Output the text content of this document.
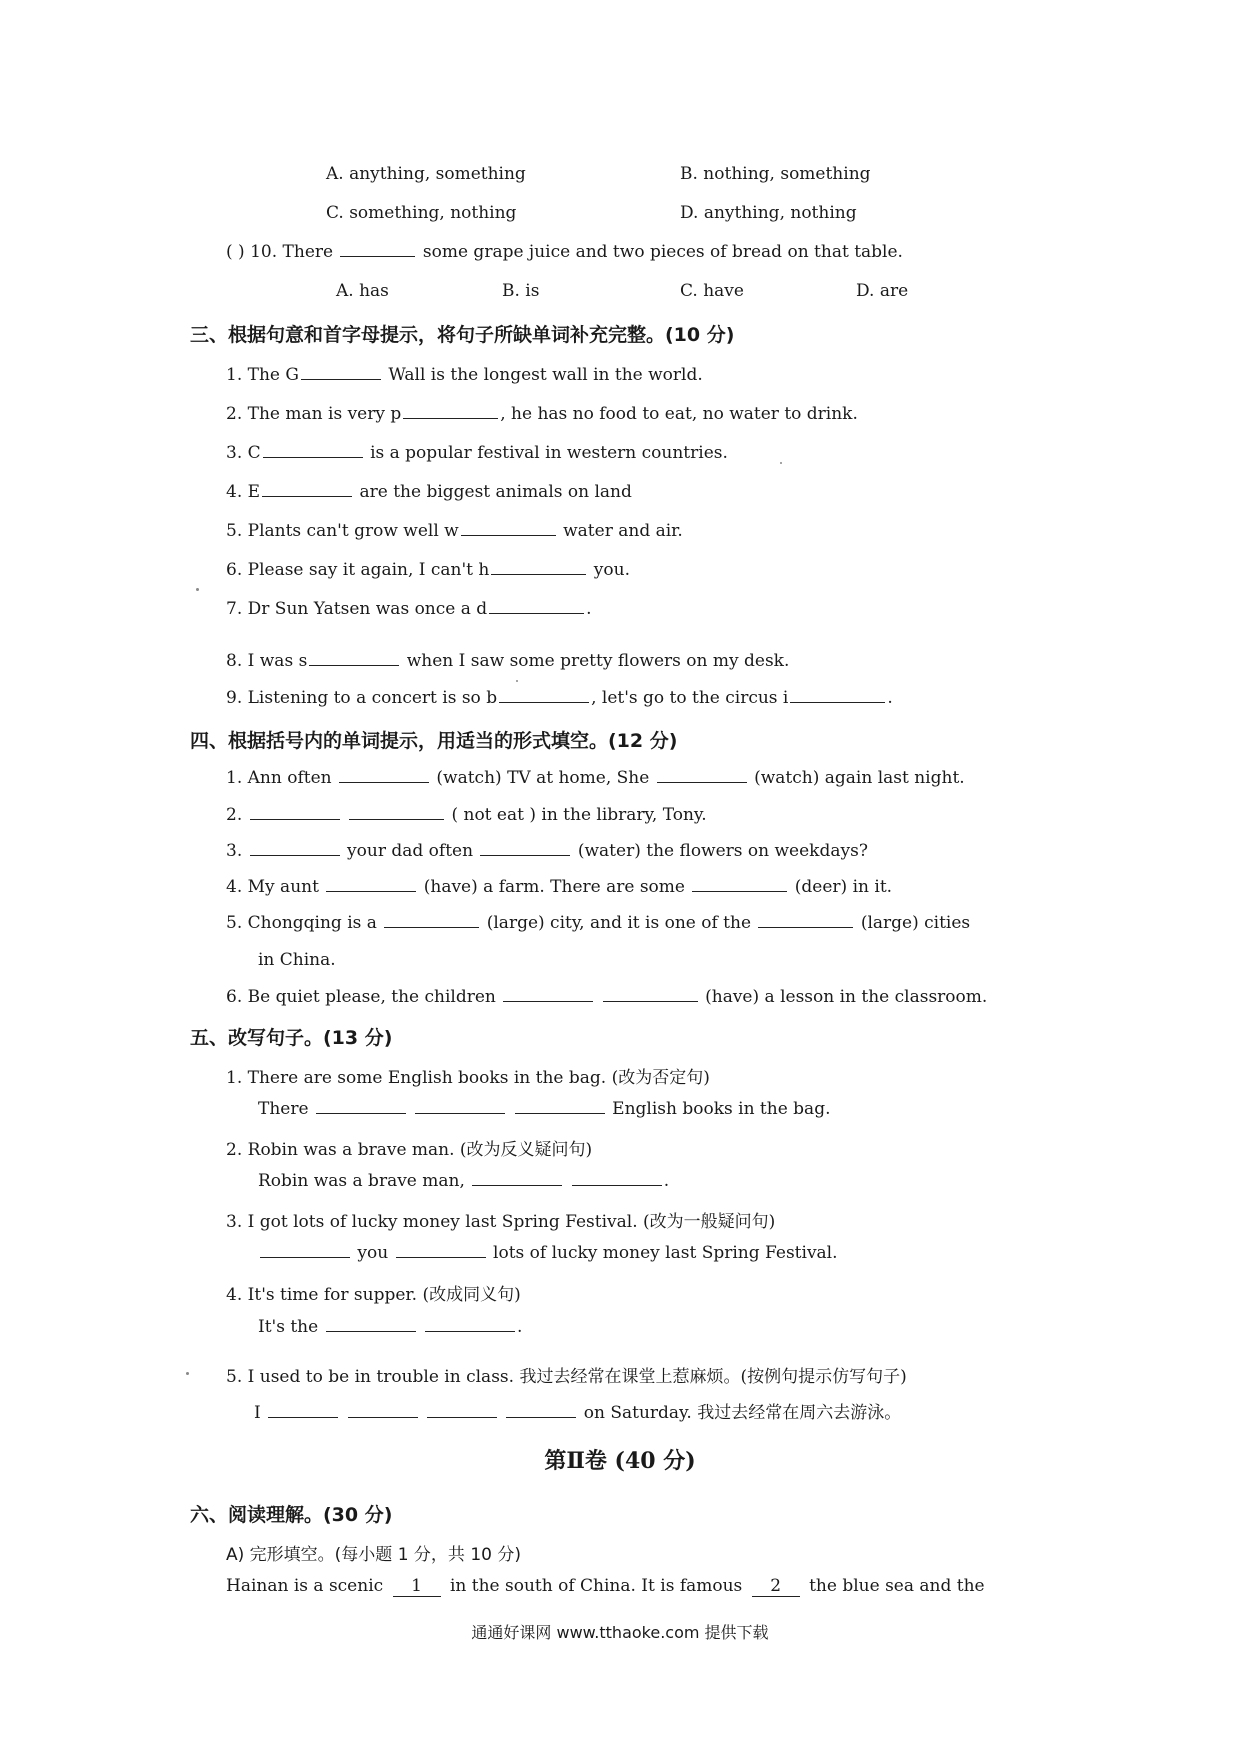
A. anything, something	B. nothing, something
C. something, nothing	D. anything, nothing
( ) 10. There	some grape juice and two pieces of bread on that table.
A. has	B. is	C. have	D. are
三、根据句意和首字母提示，将句子所缺单词补充完整。(10 分)
1. The G	Wall is the longest wall in the world.
2. The man is very p	, he has no food to eat, no water to drink.
3. C	is a popular festival in western countries.
4. E	are the biggest animals on land
5. Plants can't grow well w	water and air.
6. Please say it again, I can't h	you.
7. Dr Sun Yatsen was once a d	.
8. I was s	when I saw some pretty flowers on my desk.
9. Listening to a concert is so b	, let's go to the circus i	.
四、根据括号内的单词提示，用适当的形式填空。(12 分)
1. Ann often	(watch) TV at home, She	(watch) again last night.
2.	( not eat ) in the library, Tony.
3.	your dad often	(water) the flowers on weekdays?
4. My aunt	(have) a farm. There are some	(deer) in it.
5. Chongqing is a	(large) city, and it is one of the	(large) cities
in China.
6. Be quiet please, the children	(have) a lesson in the classroom.
五、改写句子。(13 分)
1. There are some English books in the bag. (改为否定句)
There	English books in the bag.
2. Robin was a brave man. (改为反义疑问句)
Robin was a brave man,	.
3. I got lots of lucky money last Spring Festival. (改为一般疑问句)
you	lots of lucky money last Spring Festival.
4. It's time for supper. (改成同义句)
It's the	.
5. I used to be in trouble in class. 我过去经常在课堂上惹麻烦。(按例句提示仿写句子)
I	on Saturday. 我过去经常在周六去游泳。
第Ⅱ卷 (40 分)
六、阅读理解。(30 分)
A) 完形填空。(每小题 1 分，共 10 分)
Hainan is a scenic 1 in the south of China. It is famous 2 the blue sea and the
通通好课网 www.tthaoke.com 提供下载
